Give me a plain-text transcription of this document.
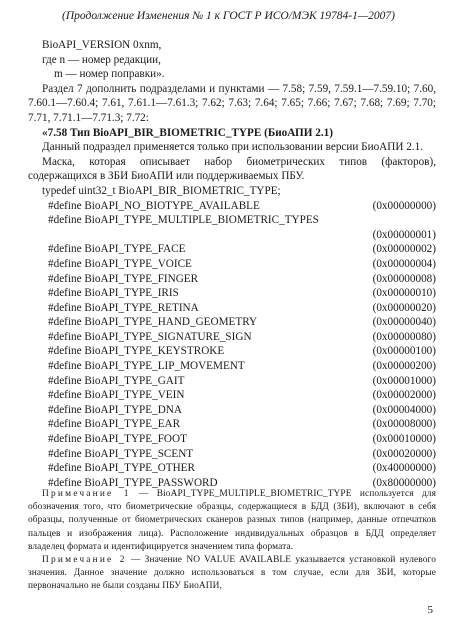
(Продолжение Изменения № 1 к ГОСТ Р ИСО/МЭК 19784-1—2007)
BioAPI_VERSION 0xnm,
где n — номер редакции,
m — номер поправки».
Раздел 7 дополнить подразделами и пунктами — 7.58; 7.59, 7.59.1—7.59.10; 7.60, 7.60.1—7.60.4; 7.61, 7.61.1—7.61.3; 7.62; 7.63; 7.64; 7.65; 7.66; 7.67; 7.68; 7.69; 7.70; 7.71, 7.71.1—7.71.3; 7.72:
«7.58 Тип BioAPI_BIR_BIOMETRIC_TYPE (БиоАПИ 2.1)
Данный подраздел применяется только при использовании версии БиоАПИ 2.1.
Маска, которая описывает набор биометрических типов (факторов), содержащихся в ЗБИ БиоАПИ или поддерживаемых ПБУ.
typedef uint32_t BioAPI_BIR_BIOMETRIC_TYPE;
#define BioAPI_NO_BIOTYPE_AVAILABLE	(0x00000000)
#define BioAPI_TYPE_MULTIPLE_BIOMETRIC_TYPES
(0x00000001)
#define BioAPI_TYPE_FACE	(0x00000002)
#define BioAPI_TYPE_VOICE	(0x00000004)
#define BioAPI_TYPE_FINGER	(0x00000008)
#define BioAPI_TYPE_IRIS	(0x00000010)
#define BioAPI_TYPE_RETINA	(0x00000020)
#define BioAPI_TYPE_HAND_GEOMETRY	(0x00000040)
#define BioAPI_TYPE_SIGNATURE_SIGN	(0x00000080)
#define BioAPI_TYPE_KEYSTROKE	(0x00000100)
#define BioAPI_TYPE_LIP_MOVEMENT	(0x00000200)
#define BioAPI_TYPE_GAIT	(0x00001000)
#define BioAPI_TYPE_VEIN	(0x00002000)
#define BioAPI_TYPE_DNA	(0x00004000)
#define BioAPI_TYPE_EAR	(0x00008000)
#define BioAPI_TYPE_FOOT	(0x00010000)
#define BioAPI_TYPE_SCENT	(0x00020000)
#define BioAPI_TYPE_OTHER	(0x40000000)
#define BioAPI_TYPE_PASSWORD	(0x80000000)
Примечание 1 — BioAPI_TYPE_MULTIPLE_BIOMETRIC_TYPE используется для обозначения того, что биометрические образцы, содержащиеся в БДД (ЗБИ), включают в себя образцы, полученные от биометрических сканеров разных типов (например, данные отпечатков пальцев и изображения лица). Расположение индивидуальных образцов в БДД определяет владелец формата и идентифицируется значением типа формата.
Примечание 2 — Значение NO VALUE AVAILABLE указывается установкой нулевого значения. Данное значение должно использоваться в том случае, если для ЗБИ, которые первоначально не были созданы ПБУ БиоАПИ,
5
